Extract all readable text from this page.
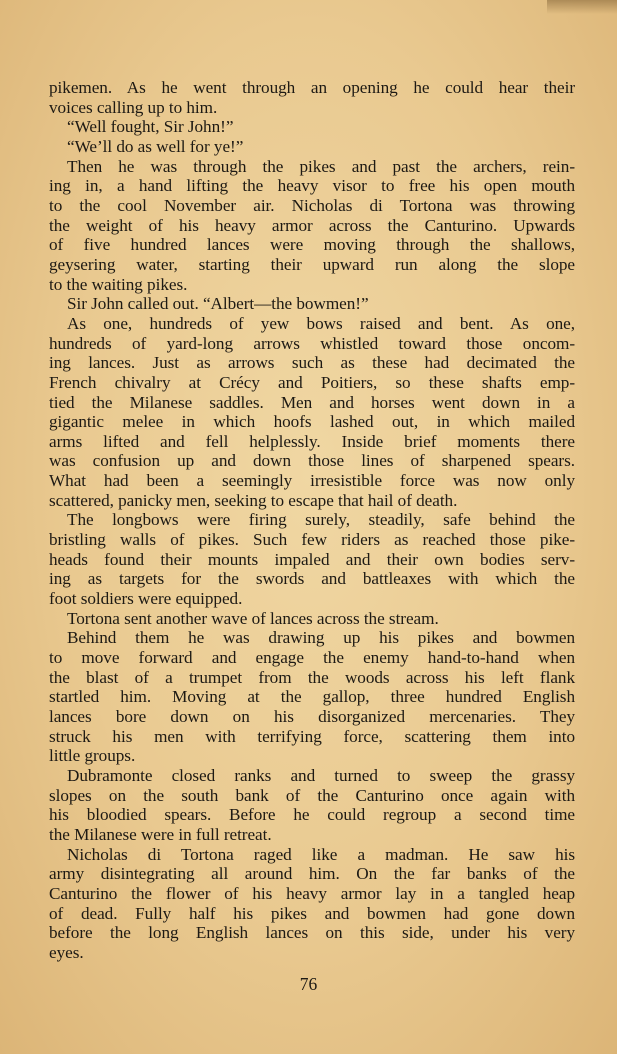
pikemen. As he went through an opening he could hear their
voices calling up to him.

“Well fought, Sir John!”

“We’ll do as well for ye!”

Then he was through the pikes and past the archers, rein-
ing in, a hand lifting the heavy visor to free his open mouth
to the cool November air. Nicholas di Tortona was throwing
the weight of his heavy armor across the Canturino. Upwards
of five hundred lances were moving through the shallows,
geysering water, starting their upward run along the slope
to the waiting pikes.

Sir John called out. “Albert—the bowmen!”

As one, hundreds of yew bows raised and bent. As one,
hundreds of yard-long arrows whistled toward those oncom-
ing lances. Just as arrows such as these had decimated the
French chivalry at Crécy and Poitiers, so these shafts emp-
tied the Milanese saddles. Men and horses went down in a
gigantic melee in which hoofs lashed out, in which mailed
arms lifted and fell helplessly. Inside brief moments there
was confusion up and down those lines of sharpened spears.
What had been a seemingly irresistible force was now only
scattered, panicky men, seeking to escape that hail of death.

The longbows were firing surely, steadily, safe behind the
bristling walls of pikes. Such few riders as reached those pike-
heads found their mounts impaled and their own bodies serv-
ing as targets for the swords and battleaxes with which the
foot soldiers were equipped.

Tortona sent another wave of lances across the stream.

Behind them he was drawing up his pikes and bowmen
to move forward and engage the enemy hand-to-hand when
the blast of a trumpet from the woods across his left flank
startled him. Moving at the gallop, three hundred English
lances bore down on his disorganized mercenaries. They
struck his men with terrifying force, scattering them into
little groups.

Dubramonte closed ranks and turned to sweep the grassy
slopes on the south bank of the Canturino once again with
his bloodied spears. Before he could regroup a second time
the Milanese were in full retreat.

Nicholas di Tortona raged like a madman. He saw his
army disintegrating all around him. On the far banks of the
Canturino the flower of his heavy armor lay in a tangled heap
of dead. Fully half his pikes and bowmen had gone down
before the long English lances on this side, under his very
eyes.

76
